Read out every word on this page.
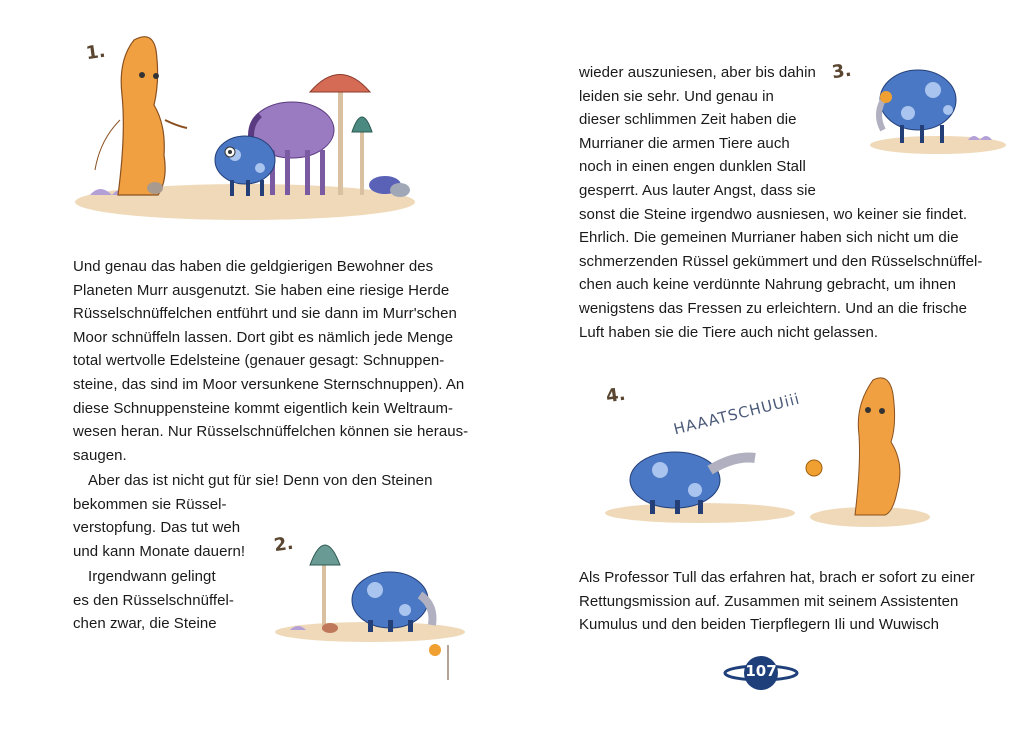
1.
Und genau das haben die geldgierigen Bewohner des
Planeten Murr ausgenutzt. Sie haben eine riesige Herde
Rüsselschnüffelchen entführt und sie dann im Murr'schen
Moor schnüffeln lassen. Dort gibt es nämlich jede Menge
total wertvolle Edelsteine (genauer gesagt: Schnuppen-
steine, das sind im Moor versunkene Sternschnuppen). An
diese Schnuppensteine kommt eigentlich kein Weltraum-
wesen heran. Nur Rüsselschnüffelchen können sie heraus-
saugen.
Aber das ist nicht gut für sie! Denn von den Steinen
bekommen sie Rüssel-
verstopfung. Das tut weh
und kann Monate dauern!
Irgendwann gelingt
es den Rüsselschnüffel-
chen zwar, die Steine
2.
3.
wieder auszuniesen, aber bis dahin
leiden sie sehr. Und genau in
dieser schlimmen Zeit haben die
Murrianer die armen Tiere auch
noch in einen engen dunklen Stall
gesperrt. Aus lauter Angst, dass sie
sonst die Steine irgendwo ausniesen, wo keiner sie findet.
Ehrlich. Die gemeinen Murrianer haben sich nicht um die
schmerzenden Rüssel gekümmert und den Rüsselschnüffel-
chen auch keine verdünnte Nahrung gebracht, um ihnen
wenigstens das Fressen zu erleichtern. Und an die frische
Luft haben sie die Tiere auch nicht gelassen.
4.	HAAATSCHUUiii
Als Professor Tull das erfahren hat, brach er sofort zu einer
Rettungsmission auf. Zusammen mit seinem Assistenten
Kumulus und den beiden Tierpflegern Ili und Wuwisch
107
